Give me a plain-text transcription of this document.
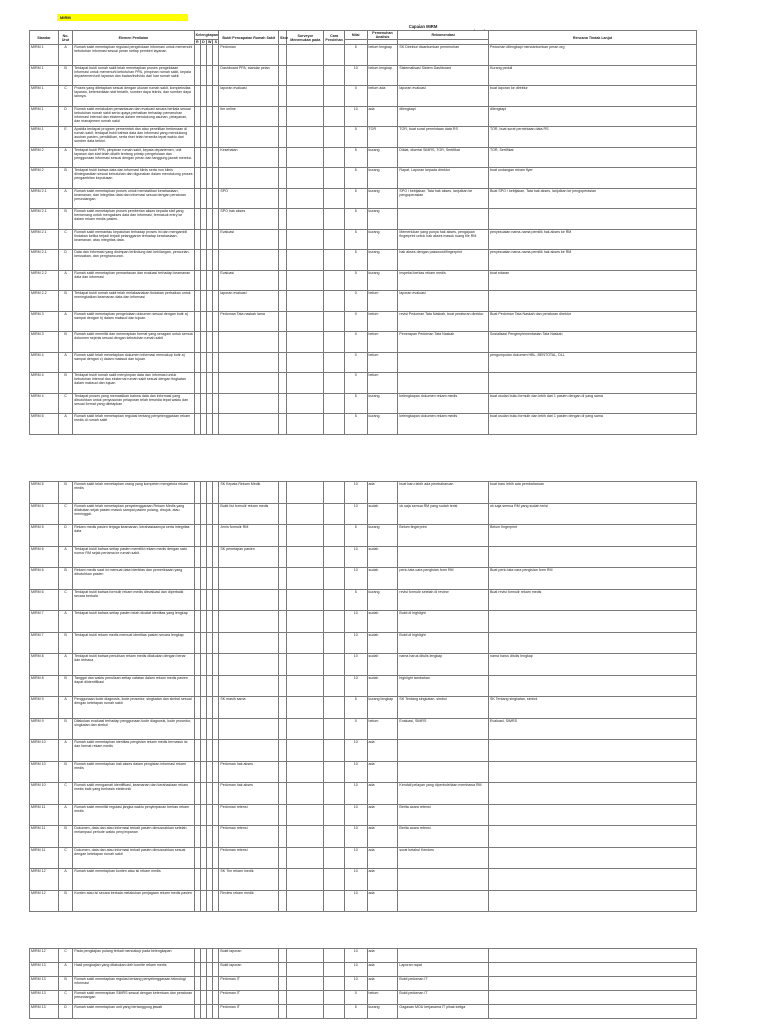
MIRM
Capaian MIRM
Standar	No. Urut	Elemen Penilaian	Kelengkapan				Bukti Pencapaian Rumah Sakit	Skor	Surveyor Menemukan pada	Cara Perolehan	Nilai	Pemenuhan Analisis	Rekomendasi	Rencana Tindak Lanjut
			R	D	W	S								
MIRM 1	A	Rumah sakit menetapkan regulasi pengelolaan informasi untuk memenuhi kebutuhan informasi sesuai peran setiap pemberi layanan					Pedoman				5	belum lengkap	SK Direktur dicantumkan pemenuhan	Pedoman dilengkapi mencantumkan peran org
MIRM 1	B	Terdapat bukti rumah sakit telah menetapkan proses pengelolaan informasi untuk memenuhi kebutuhan PPA, pimpinan rumah sakit, kepala departemen/unit layanan dan badan/individu dari luar rumah sakit.					Dashboard PPA, standar pelan				10	belum lengkap	Sistematisasi Sistem Dashboard	Kurang peduli
MIRM 1	C	Proses yang ditetapkan sesuai dengan ukuran rumah sakit, kompleksitas layanan, ketersediaan staf terlatih, sumber daya teknis, dan sumber daya lainnya.					laporan evaluasi				0	belum ada	laporan evaluasi	buat laporan ke direktur
MIRM 1	D	Rumah sakit melakukan pemantauan dan evaluasi secara berkala sesuai kebutuhan rumah sakit serta upaya perbaikan terhadap pemenuhan informasi internal dan eksternal dalam mendukung asuhan, pelayanan, dan manajemen rumah sakit					tim online				10	ada	dilengkapi	dilengkapi
MIRM 1	E	Apabila terdapat program pemerintah dan atau penelitian berkenaan di rumah sakit, terdapat bukti bahwa data dan informasi yang mendukung asuhan pasien, pendidikan, serta riset telah tersedia tepat waktu dari sumber data terkini.									5	TOR	TOR, buat surat permintaan data RS	TOR, buat surat permintaan data RS
MIRM 2	A	Terdapat bukti PPA, pimpinan rumah sakit, kepala departemen, unit layanan dan staf telah dilatih tentang prinsip pengelolaan dan penggunaan informasi sesuai dengan peran dan tanggung jawab mereka.					Kesehatan				5	kurang	Diklat, disertai SIMRS, TOR, Sertifikat	TOR, Sertifikat
MIRM 2	B	Terdapat bukti bahwa data dan informasi klinis serta non klinis diintegrasikan sesuai kebutuhan dan digunakan dalam mendukung proses pengambilan keputusan									5	kurang	Rapat, Laporan kepada direktur	buat undangan rekam flyer
MIRM 2.1	A	Rumah sakit menetapkan proses untuk memastikan kerahasiaan, keamanan, dan integritas data dan informasi sesuai dengan peraturan perundangan.					SPO				5	kurang	SPO / kebijakan, Tata hak akses, lanjutkan ke pengoperasian	Buat SPO / kebijakan, Tata hak akses, lanjutkan ke pengoperasian
MIRM 2.1	B	Rumah sakit menetapkan proses pemberian akses kepada staf yang berwenang untuk mengakses data dan informasi, termasuk entry ke dalam rekam medis pasien.					SPO hak akses				5	kurang		
MIRM 2.1	C	Rumah sakit memantau kepatuhan terhadap proses ini dan mengambil tindakan ketika terjadi terjadi pelanggaran terhadap kerahasiaan, keamanan, atau integritas data.					Evaluasi				5	kurang	Memerlukan yang punya hak akses, pengajuan fingerprint untuk hak akses masuk ruang file RM	penyesuaian nama-nama pemilik hak akses ke RM
MIRM 2.1	D	Data dan informasi yang disimpan terlindung dari kehilangan, pencurian, kerusakan, dan penghancuran.									5	kurang	hak akses dengan password/fingerprint	penyesuaian nama-nama pemilik hak akses ke RM
MIRM 2.2	A	Rumah sakit menetapkan pemantauan dan evaluasi terhadap keamanan data dan informasi					Evaluasi				5	kurang	inspeksi berkas rekam medis	buat edaran
MIRM 2.2	B	Terdapat bukti rumah sakit telah melaksanakan tindakan perbaikan untuk meningkatkan keamanan data dan informasi					laporan evaluasi				0	belum	laporan evaluasi	
MIRM 3	A	Rumah sakit menetapkan pengelolaan dokumen sesuai dengan butir a) sampai dengan h) dalam maksud dan tujuan.					Pedoman Tata naskah lama				0	belum	revisi Pedoman Tata Naskah, buat peraturan direktur	Buat Pedoman Tata Naskah dan peraturan direktur
MIRM 3	B	Rumah sakit memiliki dan menerapkan format yang seragam untuk semua dokumen sejenis sesuai dengan kebutuhan rumah sakit									0	belum	Penerapan Pedoman Tata Naskah	Sosialisasi Pengimplementasian Tata Naskah
MIRM 4	A	Rumah sakit telah menetapkan dokumen informasi mencakup butir a) sampai dengan c) dalam maksud dan tujuan									0	belum		pengumpulan dokumen HBL, BENTOTAL, DLL
MIRM 4	B	Terdapat bukti rumah sakit menyimpan data dan informasi untuk kebutuhan internal dan eksternal rumah sakit sesuai dengan tingkatan dalam maksud dan tujuan									0	belum		
MIRM 4	C	Terdapat proses yang memastikan bahwa data dan informasi yang dibutuhkan untuk penyusunan pelaporan telah tersedia tepat waktu dan sesuai format yang ditetapkan									5	kurang	kelengkapan dokumen rekam medis	buat usulan buku formulir dan lebih dari 1 pasien dengan di yang sama
MIRM 5	A	Rumah sakit telah menetapkan regulasi tentang penyelenggaraan rekam medis di rumah sakit									5	kurang	kelengkapan dokumen rekam medis	buat usulan buku formulir dan lebih dari 1 pasien dengan di yang sama
MIRM 5	B	Rumah sakit telah menetapkan orang yang kompeten mengelola rekam medis					SK Kepala Rekam Medik				10	ada	buat baru lebih ada pembaharuan	buat baru lebih ada pembaharuan
MIRM 5	C	Rumah sakit telah menetapkan penyelenggaraan Rekam Medis yang dilakukan sejak pasien masuk sampai pasien pulang, dirujuk, atau meninggal.					Bukti list formulir rekam medis				10	sudah	ok saja semua RM yang sudah terisi	ok saja semua RM yang sudah terisi
MIRM 5	D	Rekam medis pasien terjaga keamanan, kerahasiaannya serta integritas data					Jenis formulir RM				5	kurang	Belum fingerprint	Belum fingerprint
MIRM 6	A	Terdapat bukti bahwa setiap pasien memiliki rekam medis dengan satu nomor RM sejak pertama ke rumah sakit.					SK penetapan pasien				10	sudah		
MIRM 6	B	Rekam medis saat ini memuat data identitas dan pemeriksaan yang dibutuhkan pasien									10	sudah	perlu tata cara pengisian form RM	Buat perlu tata cara pengisian form RM
MIRM 6	C	Terdapat bukti bahwa formulir rekam medis dievaluasi dan diperbaiki secara berkala									5	kurang	revisi formulir setelah di review	Buat revisi formulir rekam medis
MIRM 7	A	Terdapat bukti bahwa setiap pasien telah dicatat identitas yang lengkap									10	sudah	Bukti di highlight	
MIRM 7	B	Terdapat bukti rekam medis memuat identitas pasien secara lengkap									10	sudah	Bukti di highlight	
MIRM 8	A	Terdapat bukti bahwa penulisan rekam medis dilakukan dengan benar dan terbaca									10	sudah	nama harus ditulis lengkap	nama harus ditulis lengkap
MIRM 8	B	Tanggal dan waktu penulisan setiap catatan dalam rekam medis pasien dapat diidentifikasi									10	sudah	highlight tambahan	
MIRM 9	A	Penggunaan kode diagnosis, kode prosedur, singkatan dan simbol sesuai dengan ketetapan rumah sakit					SK masih sama				5	kurang lengkap	SK Tentang singkatan, simbol	SK Tentang singkatan, simbol
MIRM 9	B	Dilakukan evaluasi terhadap penggunaan kode diagnosis, kode prosedur, singkatan dan simbol									0	belum	Evaluasi, SIMRS	Evaluasi, SIMRS
MIRM 10	A	Rumah sakit menetapkan identitas pengisian rekam medis termasuk isi dan format rekam medis									10	ada		
MIRM 10	B	Rumah sakit menetapkan hak akses dalam pengisian informasi rekam medis					Pedoman hak akses				10	ada		
MIRM 10	C	Rumah sakit mengamati identifikasi, keamanan dan kerahasiaan rekam medis baik yang berbasis elektronik					Pedoman hak akses				10	ada	Kendali pelayan yang diperbolehkan membawa RM	
MIRM 11	A	Rumah sakit memiliki regulasi jangka waktu penyimpanan berkas rekam medis					Pedoman retensi				10	ada	Berita acara retensi	
MIRM 11	B	Dokumen, data dan atau informasi terkait pasien dimusnahkan setelah melampaui periode waktu penyimpanan					Pedoman retensi				10	ada	Berita acara retensi	
MIRM 11	C	Dokumen, data dan atau informasi terkait pasien dimusnahkan sesuai dengan ketetapan rumah sakit					Pedoman retensi				10	ada	surat ketahui Kemkes	
MIRM 12	A	Rumah sakit menetapkan konten atau isi rekam medis					SK Tim rekam medik				10	ada		
MIRM 12	B	Konten atau isi secara berkala melakukan penjagaan rekam medis pasien					Review rekam medik				10	ada		
MIRM 12	C	Pada pengkajian pulang terkait mencakup pada kelengkapan					Bukti laporan				10	ada		
MIRM 13	A	Hasil pengkajian yang dilakukan oleh komite rekam medis					Bukti laporan				10	ada	Laporan rapat	
MIRM 13	B	Rumah sakit menetapkan regulasi tentang penyelenggaraan teknologi informasi					Pedoman IT				10	ada	Bukti pedoman IT	
MIRM 13	C	Rumah sakit menerapkan SIMRS sesuai dengan ketentuan dan peraturan perundangan					Pedoman IT				0	belum	Bukti pedoman IT	
MIRM 13	D	Rumah sakit menetapkan unit yang bertanggung jawab					Pedoman IT				5	kurang	Gagasan MOU kerjasama IT pihak ketiga	
